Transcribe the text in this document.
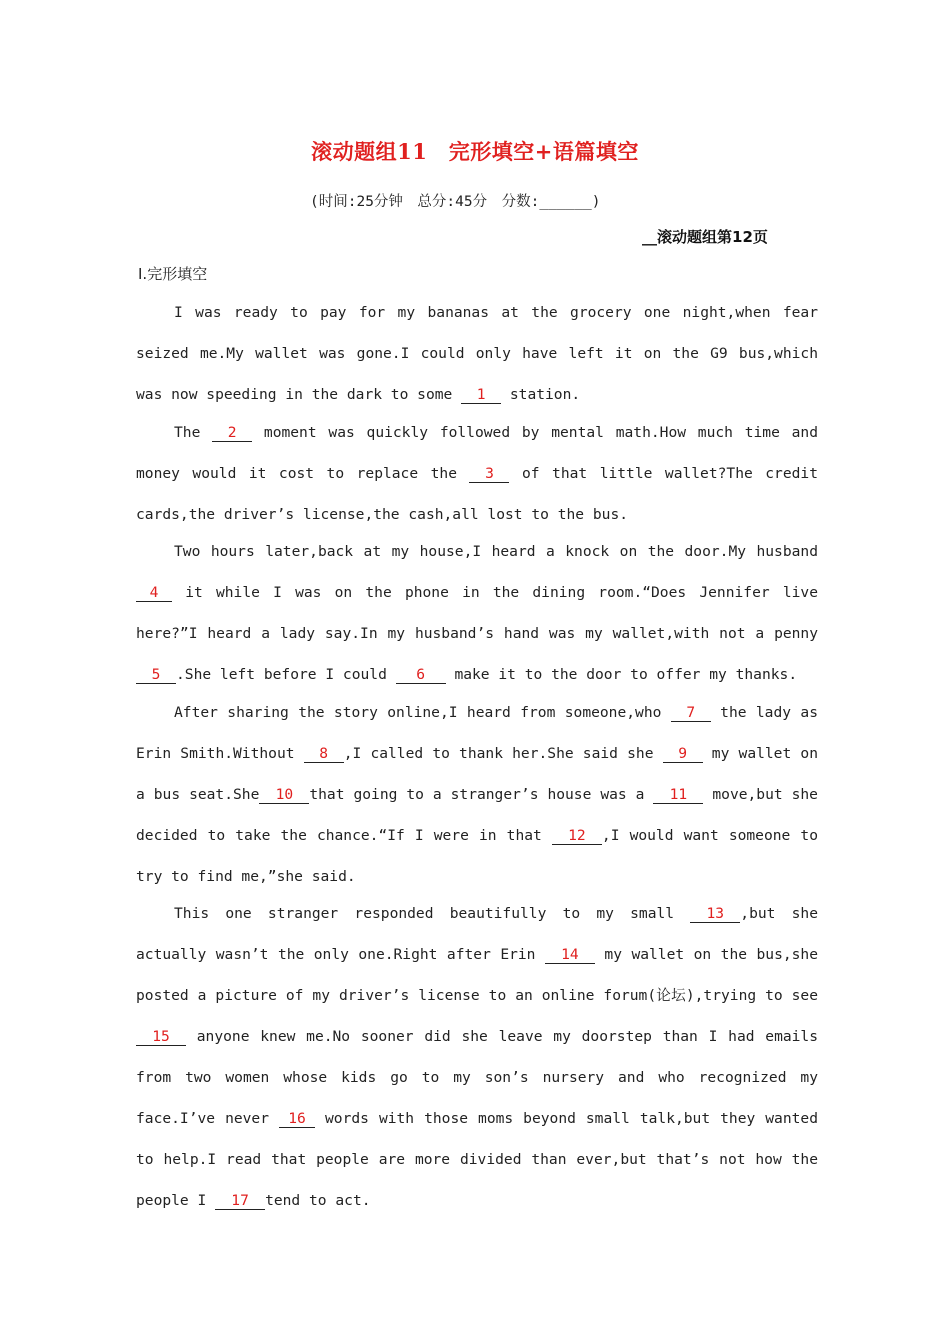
滚动题组11　完形填空+语篇填空
(时间:25分钟　总分:45分　分数:______)
__滚动题组第12页
Ⅰ.完形填空

I was ready to pay for my bananas at the grocery one night,when fear seized me.My wallet was gone.I could only have left it on the G9 bus,which was now speeding in the dark to some 1 station.

The 2 moment was quickly followed by mental math.How much time and money would it cost to replace the 3 of that little wallet?The credit cards,the driver’s license,the cash,all lost to the bus.

Two hours later,back at my house,I heard a knock on the door.My husband 4 it while I was on the phone in the dining room.“Does Jennifer live here?”I heard a lady say.In my husband’s hand was my wallet,with not a penny 5 .She left before I could 6 make it to the door to offer my thanks.

After sharing the story online,I heard from someone,who 7 the lady as Erin Smith.Without 8 ,I called to thank her.She said she 9 my wallet on a bus seat.She 10 that going to a stranger’s house was a 11 move,but she decided to take the chance.“If I were in that 12 ,I would want someone to try to find me,”she said.

This one stranger responded beautifully to my small 13 ,but she actually wasn’t the only one.Right after Erin 14 my wallet on the bus,she posted a picture of my driver’s license to an online forum(论坛),trying to see 15 anyone knew me.No sooner did she leave my doorstep than I had emails from two women whose kids go to my son’s nursery and who recognized my face.I’ve never 16 words with those moms beyond small talk,but they wanted to help.I read that people are more divided than ever,but that’s not how the people I 17 tend to act.
